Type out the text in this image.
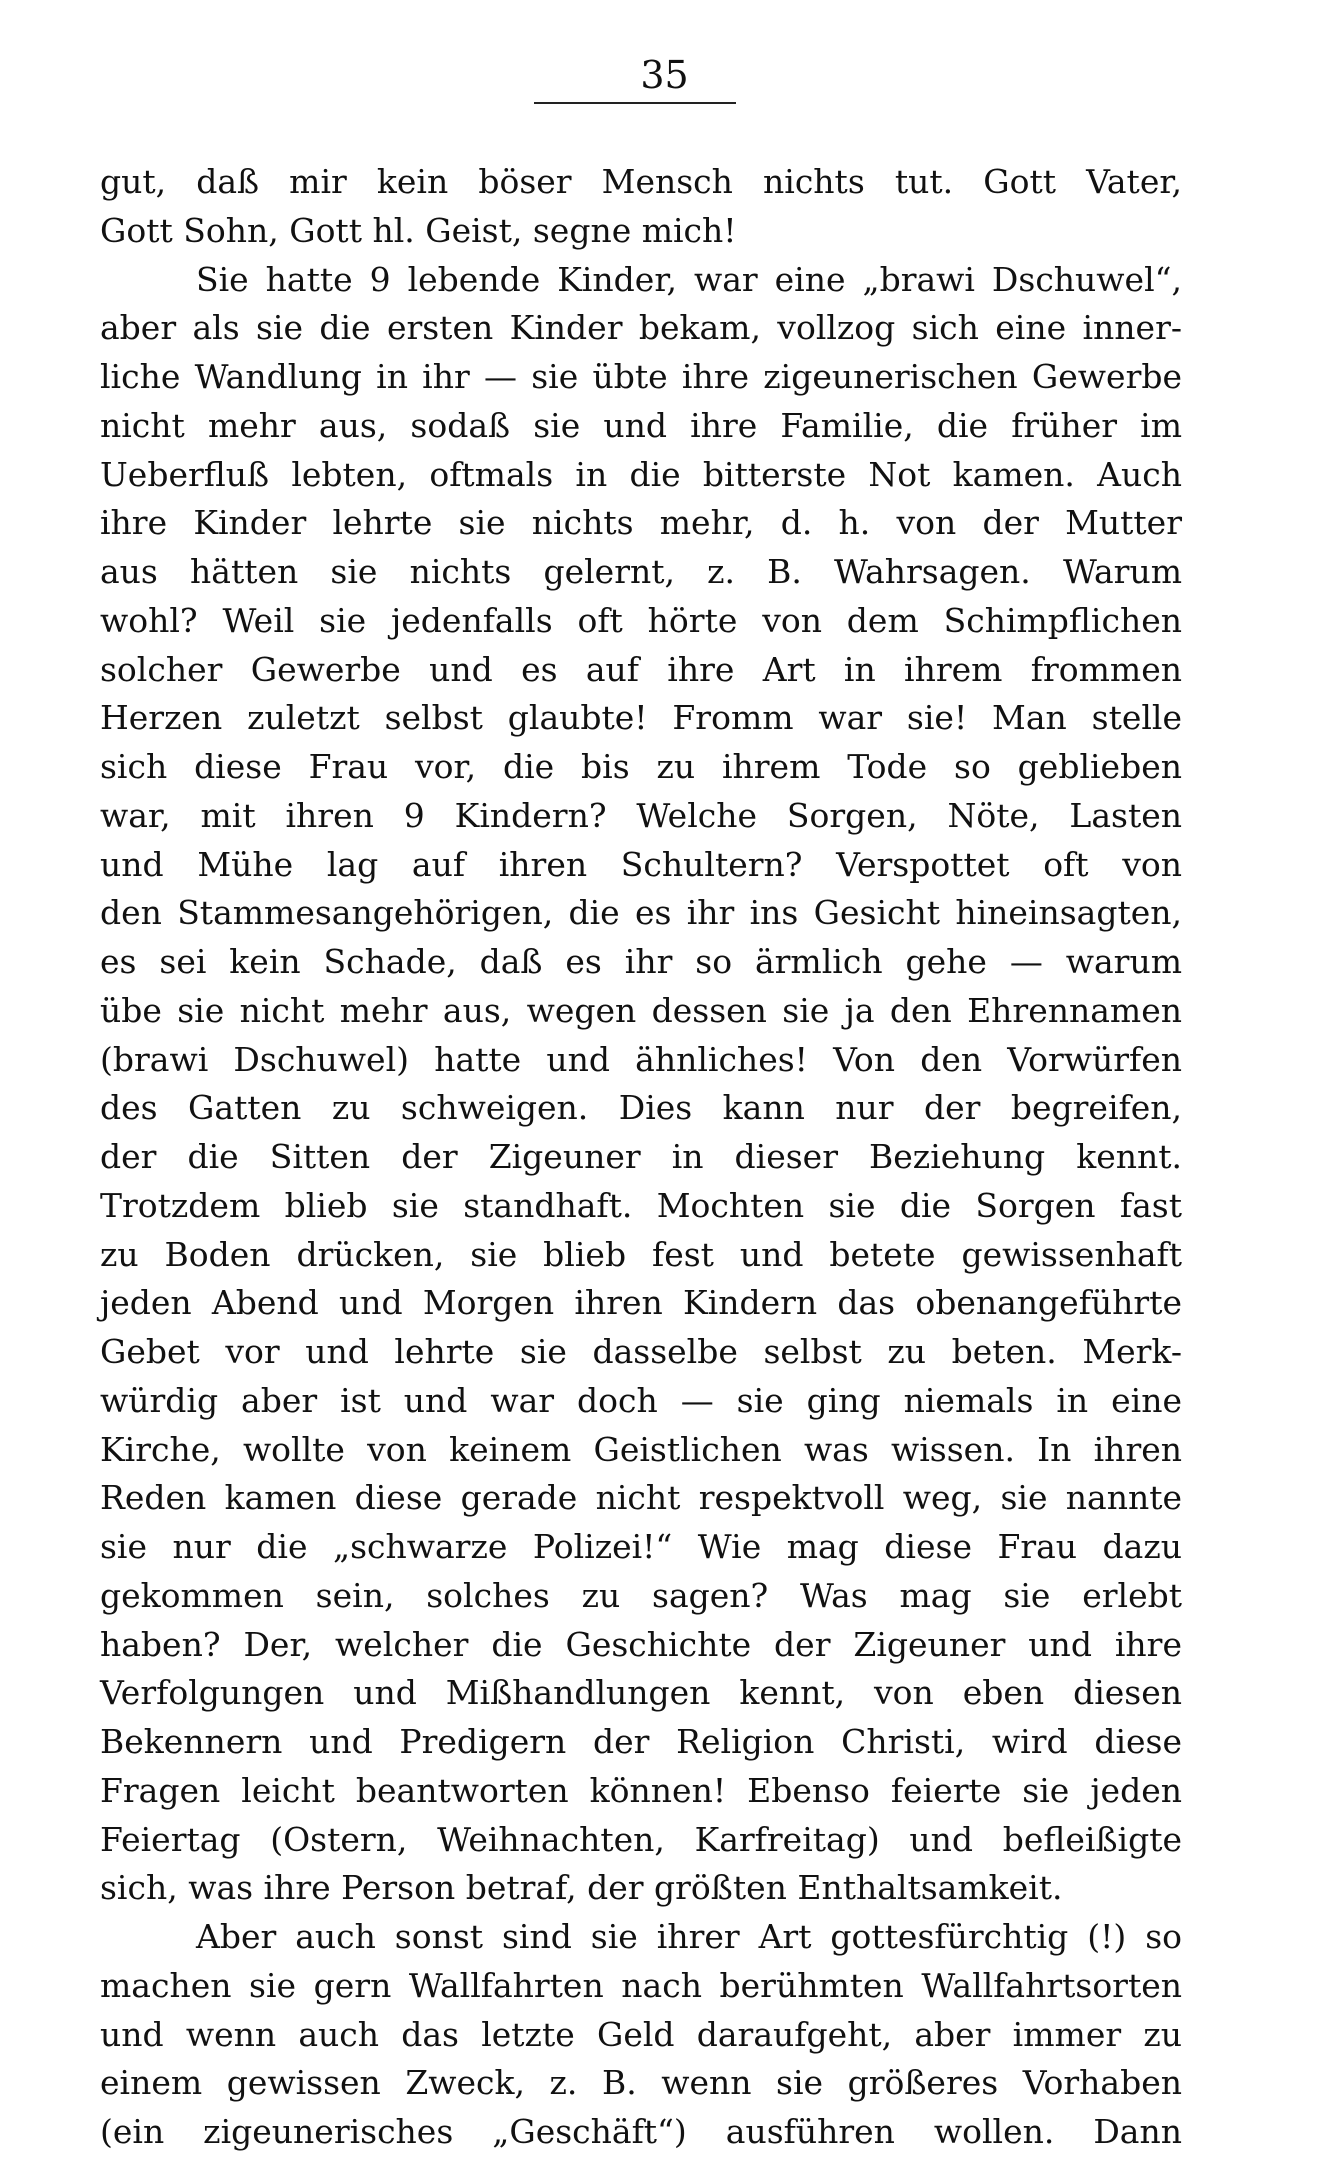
35
gut, daß mir kein böser Mensch nichts tut. Gott Vater,
Gott Sohn, Gott hl. Geist, segne mich!
Sie hatte 9 lebende Kinder, war eine „brawi Dschuwel“,
aber als sie die ersten Kinder bekam, vollzog sich eine inner-
liche Wandlung in ihr — sie übte ihre zigeunerischen Gewerbe
nicht mehr aus, sodaß sie und ihre Familie, die früher im
Ueberfluß lebten, oftmals in die bitterste Not kamen. Auch
ihre Kinder lehrte sie nichts mehr, d. h. von der Mutter
aus hätten sie nichts gelernt, z. B. Wahrsagen. Warum
wohl? Weil sie jedenfalls oft hörte von dem Schimpflichen
solcher Gewerbe und es auf ihre Art in ihrem frommen
Herzen zuletzt selbst glaubte! Fromm war sie! Man stelle
sich diese Frau vor, die bis zu ihrem Tode so geblieben
war, mit ihren 9 Kindern? Welche Sorgen, Nöte, Lasten
und Mühe lag auf ihren Schultern? Verspottet oft von
den Stammesangehörigen, die es ihr ins Gesicht hineinsagten,
es sei kein Schade, daß es ihr so ärmlich gehe — warum
übe sie nicht mehr aus, wegen dessen sie ja den Ehrennamen
(brawi Dschuwel) hatte und ähnliches! Von den Vorwürfen
des Gatten zu schweigen. Dies kann nur der begreifen,
der die Sitten der Zigeuner in dieser Beziehung kennt.
Trotzdem blieb sie standhaft. Mochten sie die Sorgen fast
zu Boden drücken, sie blieb fest und betete gewissenhaft
jeden Abend und Morgen ihren Kindern das obenangeführte
Gebet vor und lehrte sie dasselbe selbst zu beten. Merk-
würdig aber ist und war doch — sie ging niemals in eine
Kirche, wollte von keinem Geistlichen was wissen. In ihren
Reden kamen diese gerade nicht respektvoll weg, sie nannte
sie nur die „schwarze Polizei!“ Wie mag diese Frau dazu
gekommen sein, solches zu sagen? Was mag sie erlebt
haben? Der, welcher die Geschichte der Zigeuner und ihre
Verfolgungen und Mißhandlungen kennt, von eben diesen
Bekennern und Predigern der Religion Christi, wird diese
Fragen leicht beantworten können! Ebenso feierte sie jeden
Feiertag (Ostern, Weihnachten, Karfreitag) und befleißigte
sich, was ihre Person betraf, der größten Enthaltsamkeit.
Aber auch sonst sind sie ihrer Art gottesfürchtig (!) so
machen sie gern Wallfahrten nach berühmten Wallfahrtsorten
und wenn auch das letzte Geld daraufgeht, aber immer zu
einem gewissen Zweck, z. B. wenn sie größeres Vorhaben
(ein zigeunerisches „Geschäft“) ausführen wollen. Dann
